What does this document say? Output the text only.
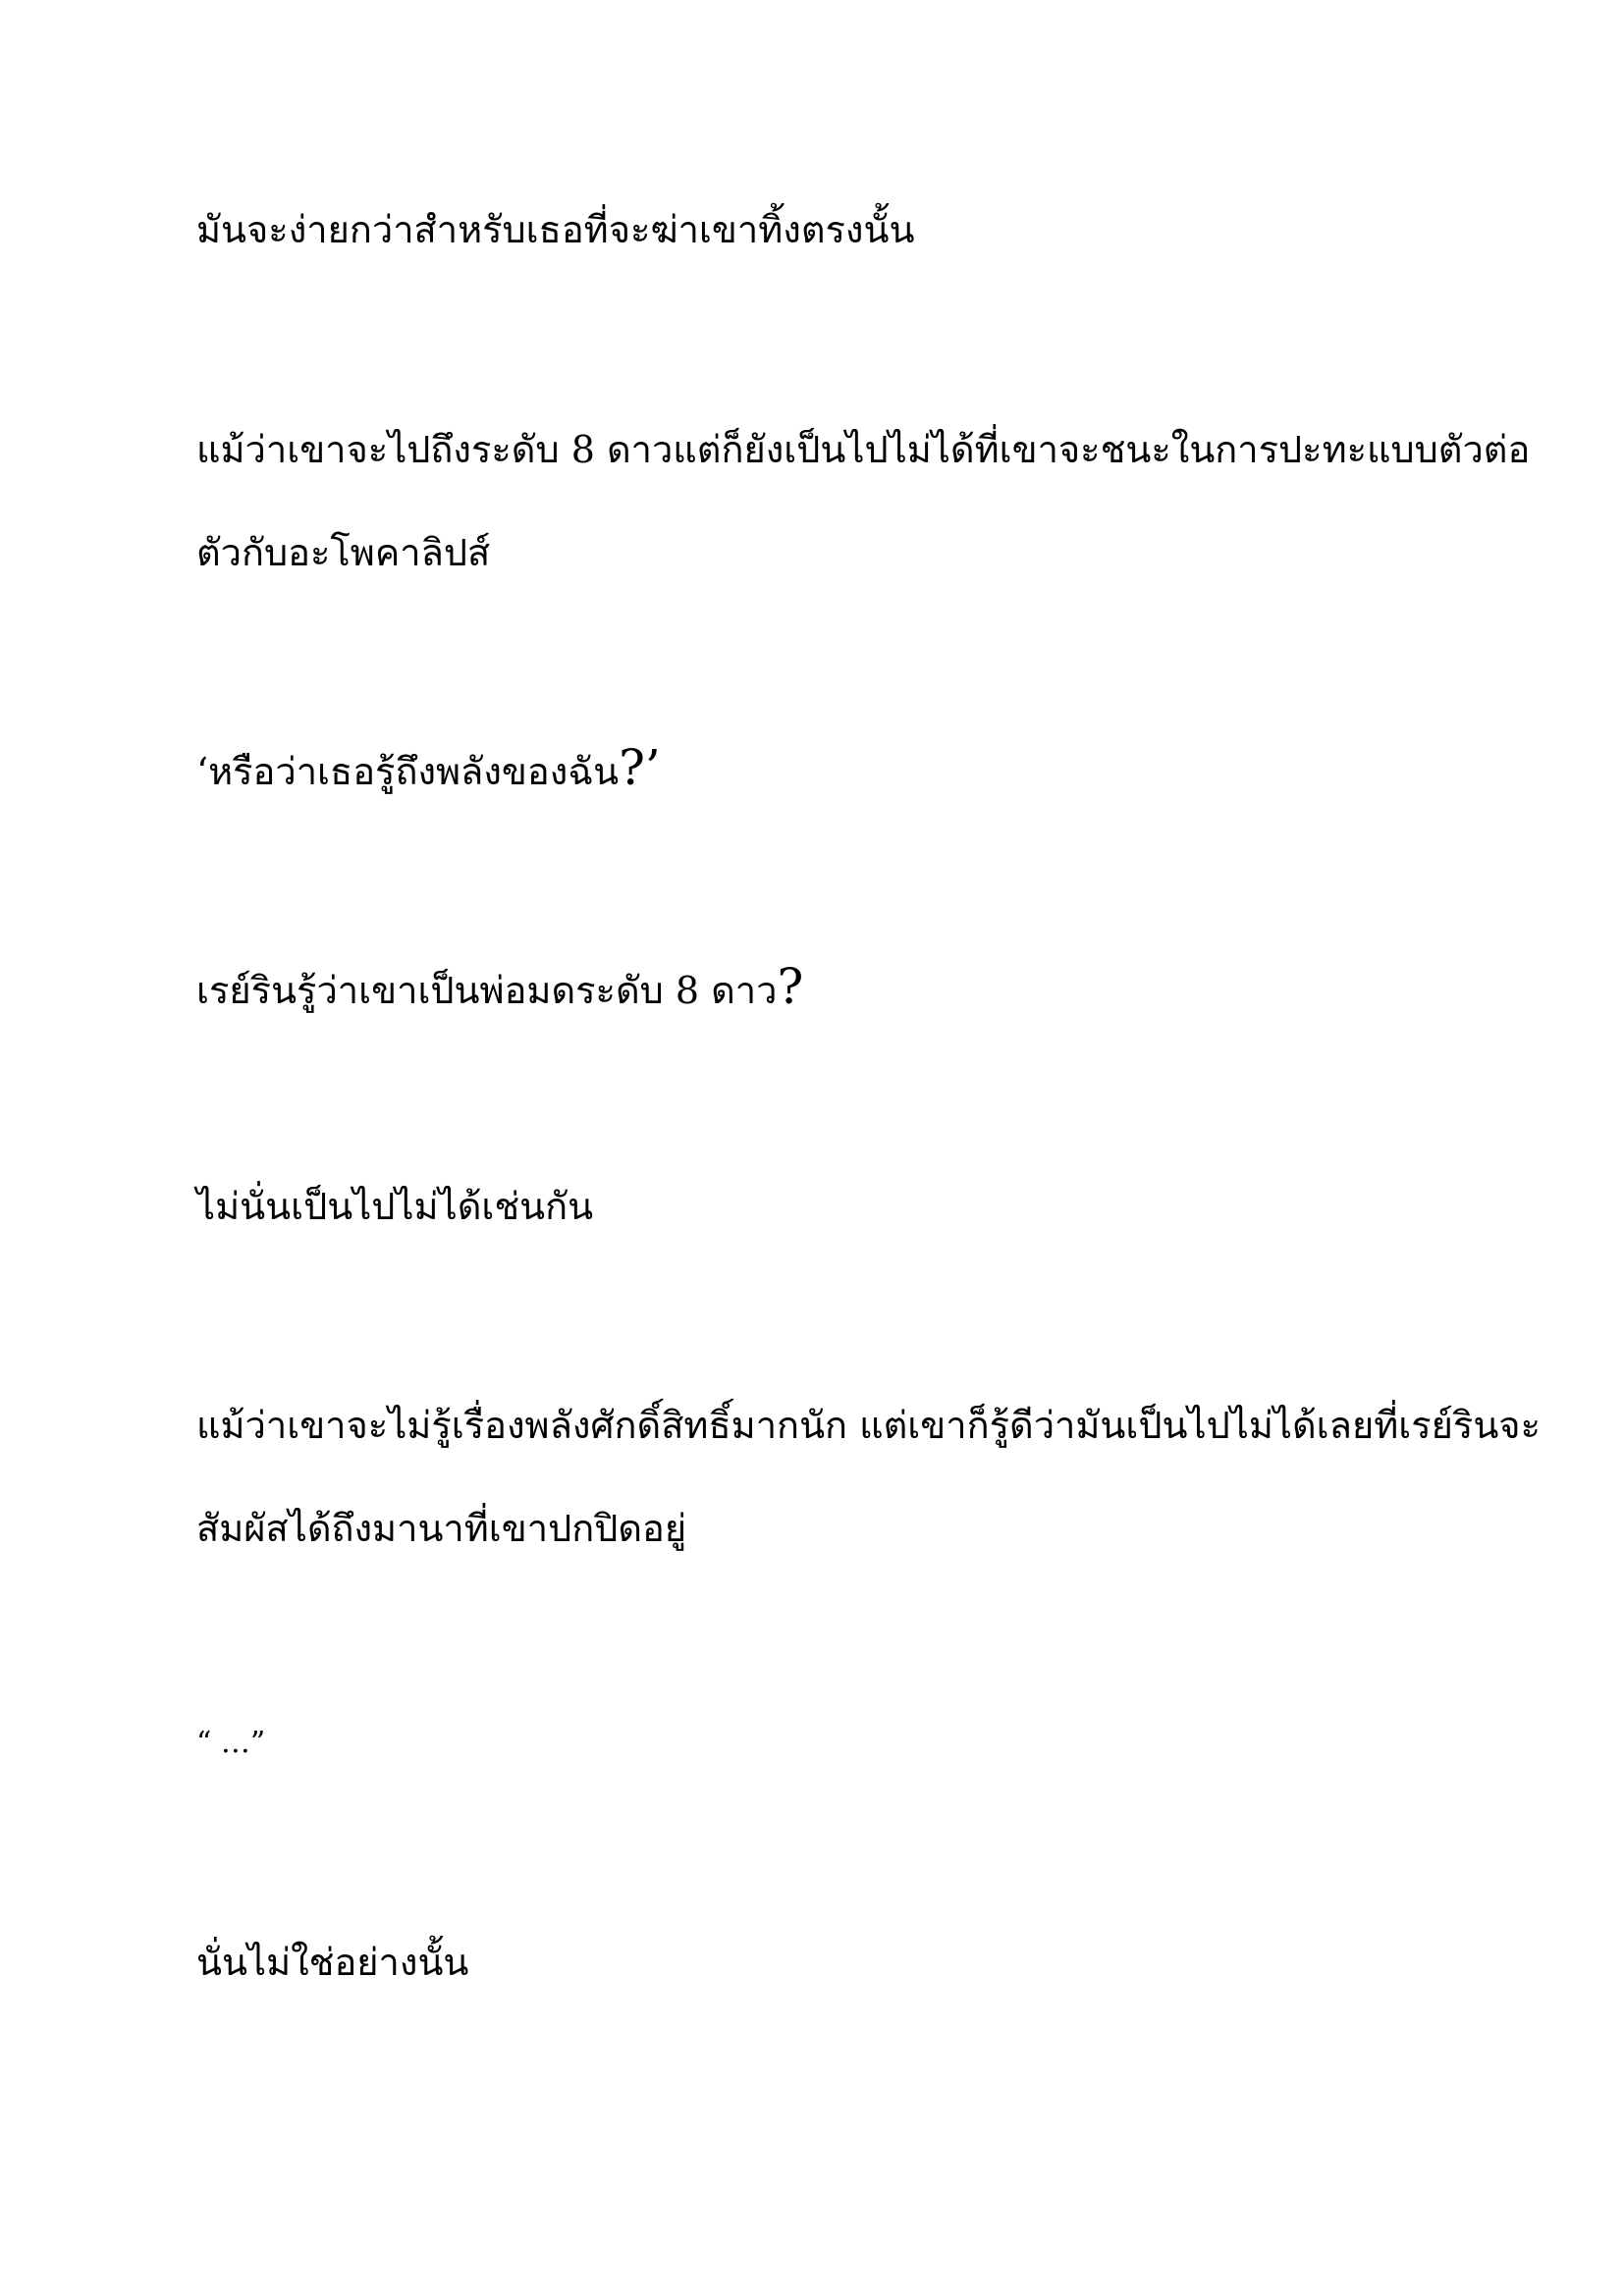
มันจะง่ายกว่าสำหรับเธอที่จะฆ่าเขาทิ้งตรงนั้น

แม้ว่าเขาจะไปถึงระดับ 8 ดาวแต่ก็ยังเป็นไปไม่ได้ที่เขาจะชนะในการปะทะแบบตัวต่อ
ตัวกับอะโพคาลิปส์

‘หรือว่าเธอรู้ถึงพลังของฉัน?’

เรย์รินรู้ว่าเขาเป็นพ่อมดระดับ 8 ดาว?

ไม่นั่นเป็นไปไม่ได้เช่นกัน

แม้ว่าเขาจะไม่รู้เรื่องพลังศักดิ์สิทธิ์มากนัก แต่เขาก็รู้ดีว่ามันเป็นไปไม่ได้เลยที่เรย์รินจะ
สัมผัสได้ถึงมานาที่เขาปกปิดอยู่

“ …”

นั่นไม่ใช่อย่างนั้น
